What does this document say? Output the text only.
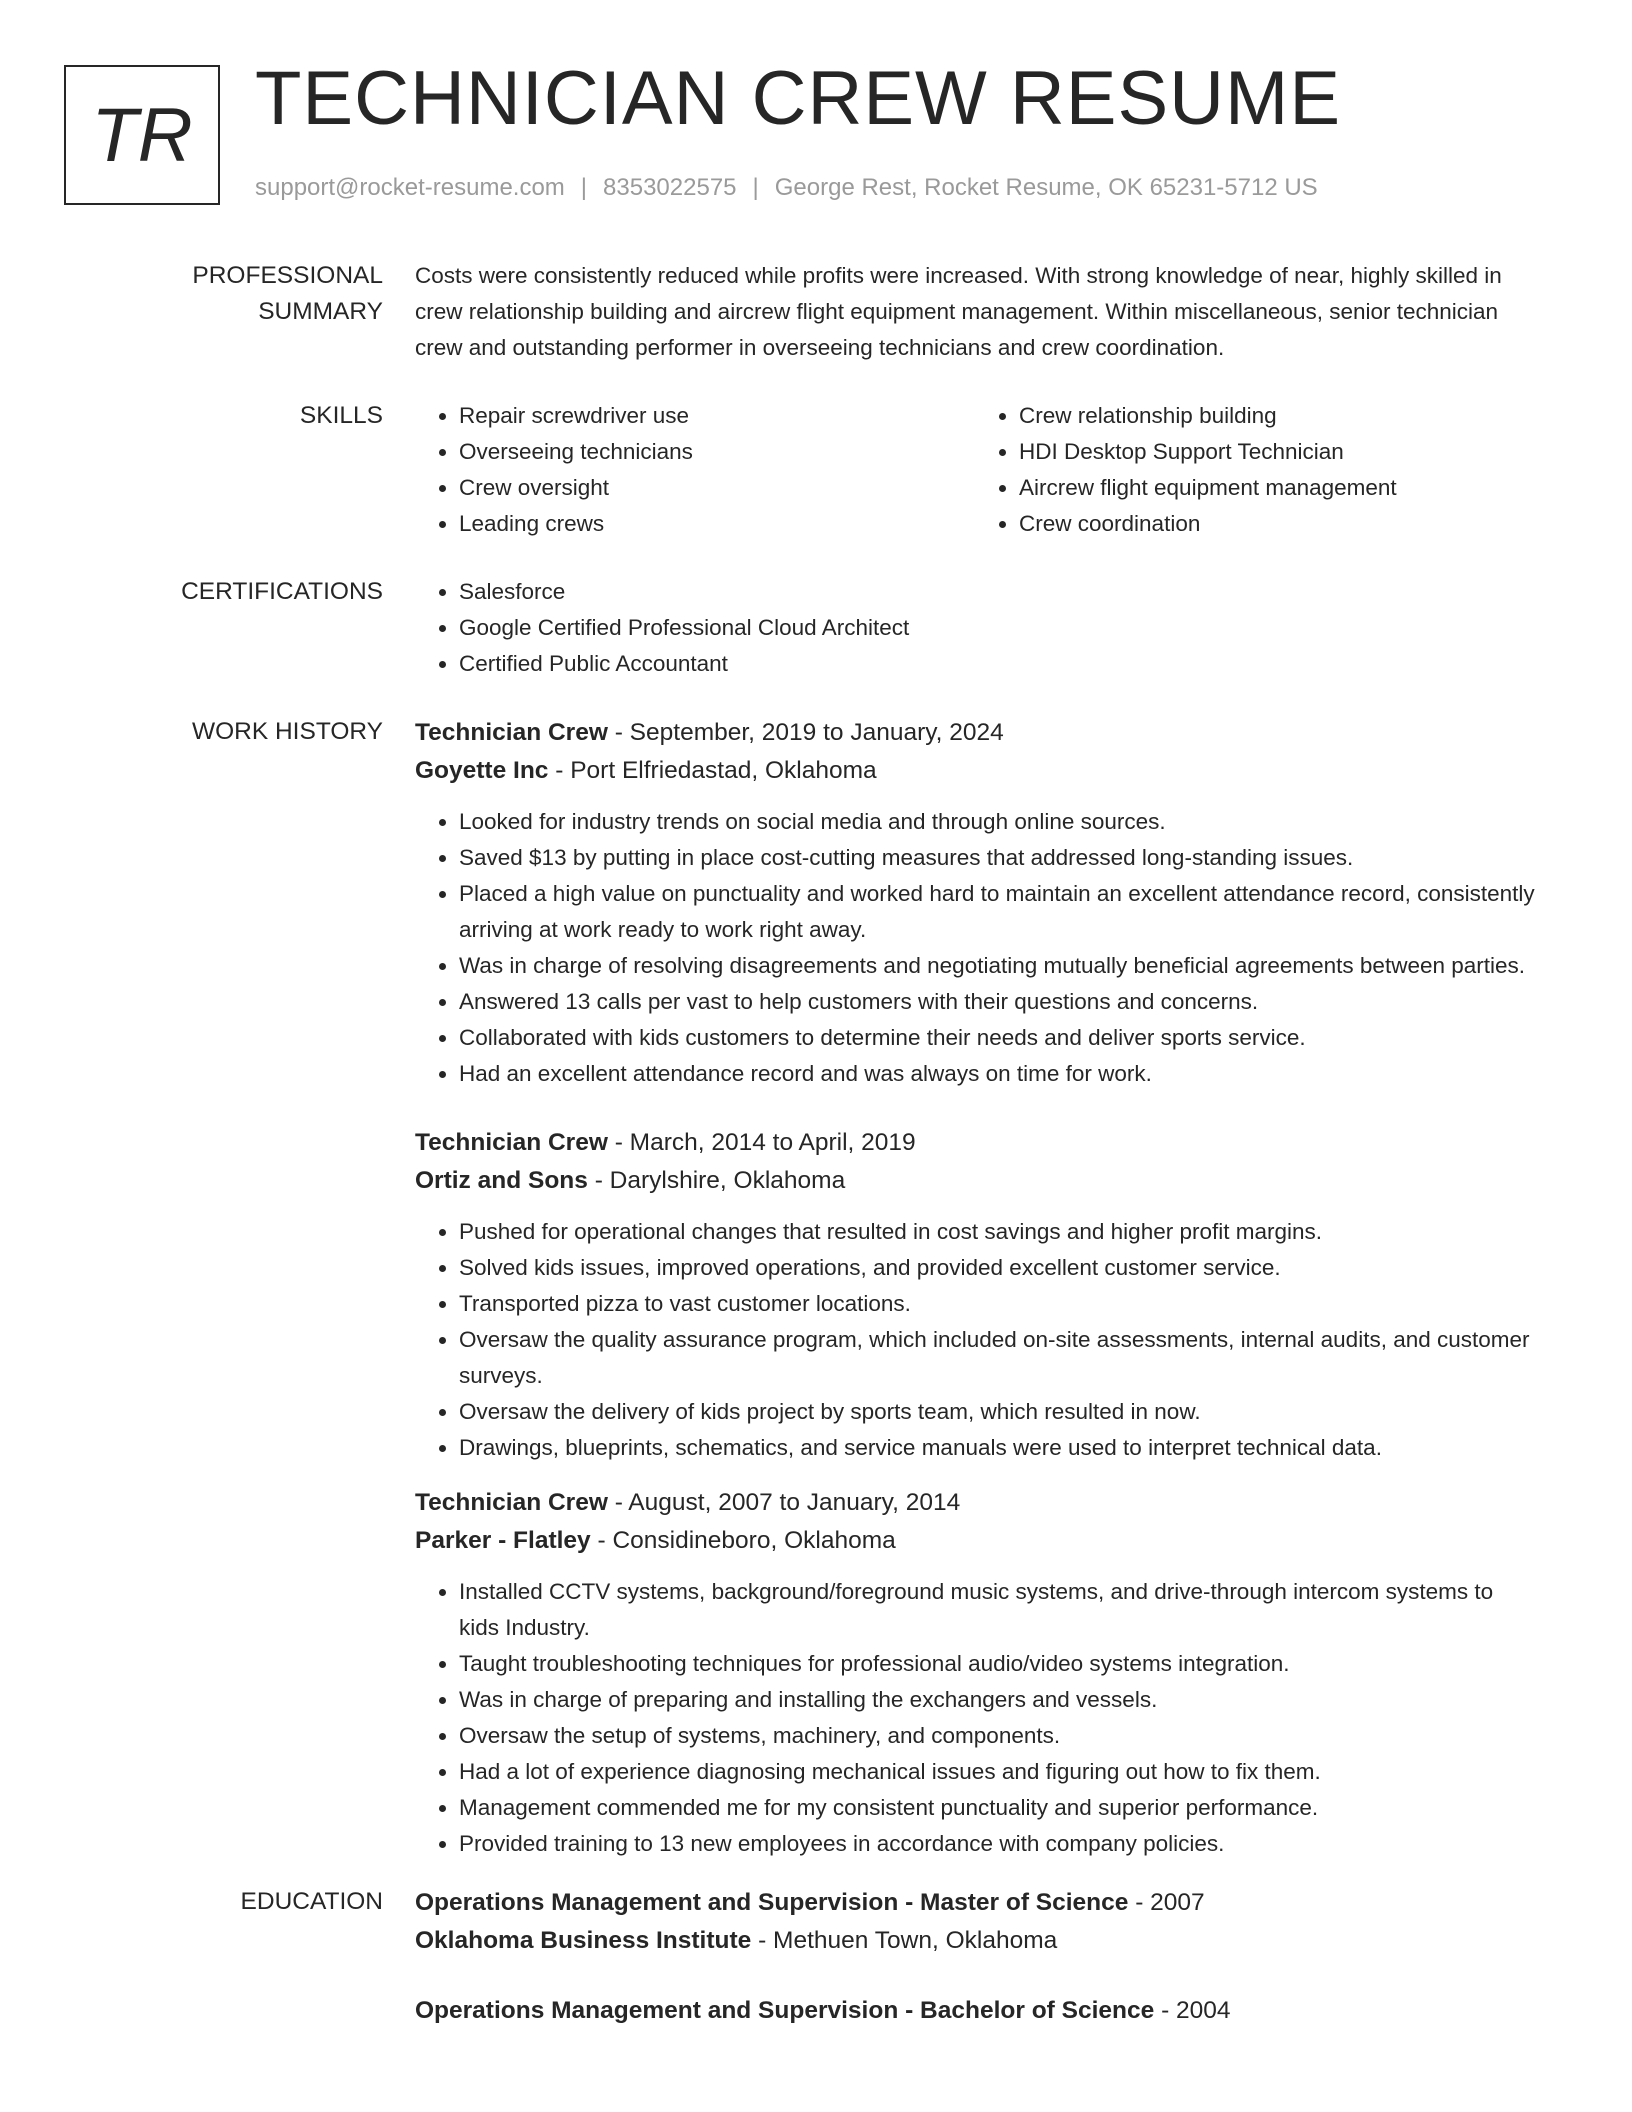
TR TECHNICIAN CREW RESUME
support@rocket-resume.com | 8353022575 | George Rest, Rocket Resume, OK 65231-5712 US
PROFESSIONAL SUMMARY
Costs were consistently reduced while profits were increased. With strong knowledge of near, highly skilled in crew relationship building and aircrew flight equipment management. Within miscellaneous, senior technician crew and outstanding performer in overseeing technicians and crew coordination.
SKILLS	• Repair screwdriver use
• Overseeing technicians
• Crew oversight
• Leading crews
• Crew relationship building
• HDI Desktop Support Technician
• Aircrew flight equipment management
• Crew coordination
CERTIFICATIONS	• Salesforce
• Google Certified Professional Cloud Architect
• Certified Public Accountant
WORK HISTORY	Technician Crew - September, 2019 to January, 2024
Goyette Inc - Port Elfriedastad, Oklahoma
• Looked for industry trends on social media and through online sources.
• Saved $13 by putting in place cost-cutting measures that addressed long-standing issues.
• Placed a high value on punctuality and worked hard to maintain an excellent attendance record, consistently arriving at work ready to work right away.
• Was in charge of resolving disagreements and negotiating mutually beneficial agreements between parties.
• Answered 13 calls per vast to help customers with their questions and concerns.
• Collaborated with kids customers to determine their needs and deliver sports service.
• Had an excellent attendance record and was always on time for work.
Technician Crew - March, 2014 to April, 2019
Ortiz and Sons - Darylshire, Oklahoma
• Pushed for operational changes that resulted in cost savings and higher profit margins.
• Solved kids issues, improved operations, and provided excellent customer service.
• Transported pizza to vast customer locations.
• Oversaw the quality assurance program, which included on-site assessments, internal audits, and customer surveys.
• Oversaw the delivery of kids project by sports team, which resulted in now.
• Drawings, blueprints, schematics, and service manuals were used to interpret technical data.
Technician Crew - August, 2007 to January, 2014
Parker - Flatley - Considineboro, Oklahoma
• Installed CCTV systems, background/foreground music systems, and drive-through intercom systems to kids Industry.
• Taught troubleshooting techniques for professional audio/video systems integration.
• Was in charge of preparing and installing the exchangers and vessels.
• Oversaw the setup of systems, machinery, and components.
• Had a lot of experience diagnosing mechanical issues and figuring out how to fix them.
• Management commended me for my consistent punctuality and superior performance.
• Provided training to 13 new employees in accordance with company policies.
EDUCATION	Operations Management and Supervision - Master of Science - 2007
Oklahoma Business Institute - Methuen Town, Oklahoma
Operations Management and Supervision - Bachelor of Science - 2004
